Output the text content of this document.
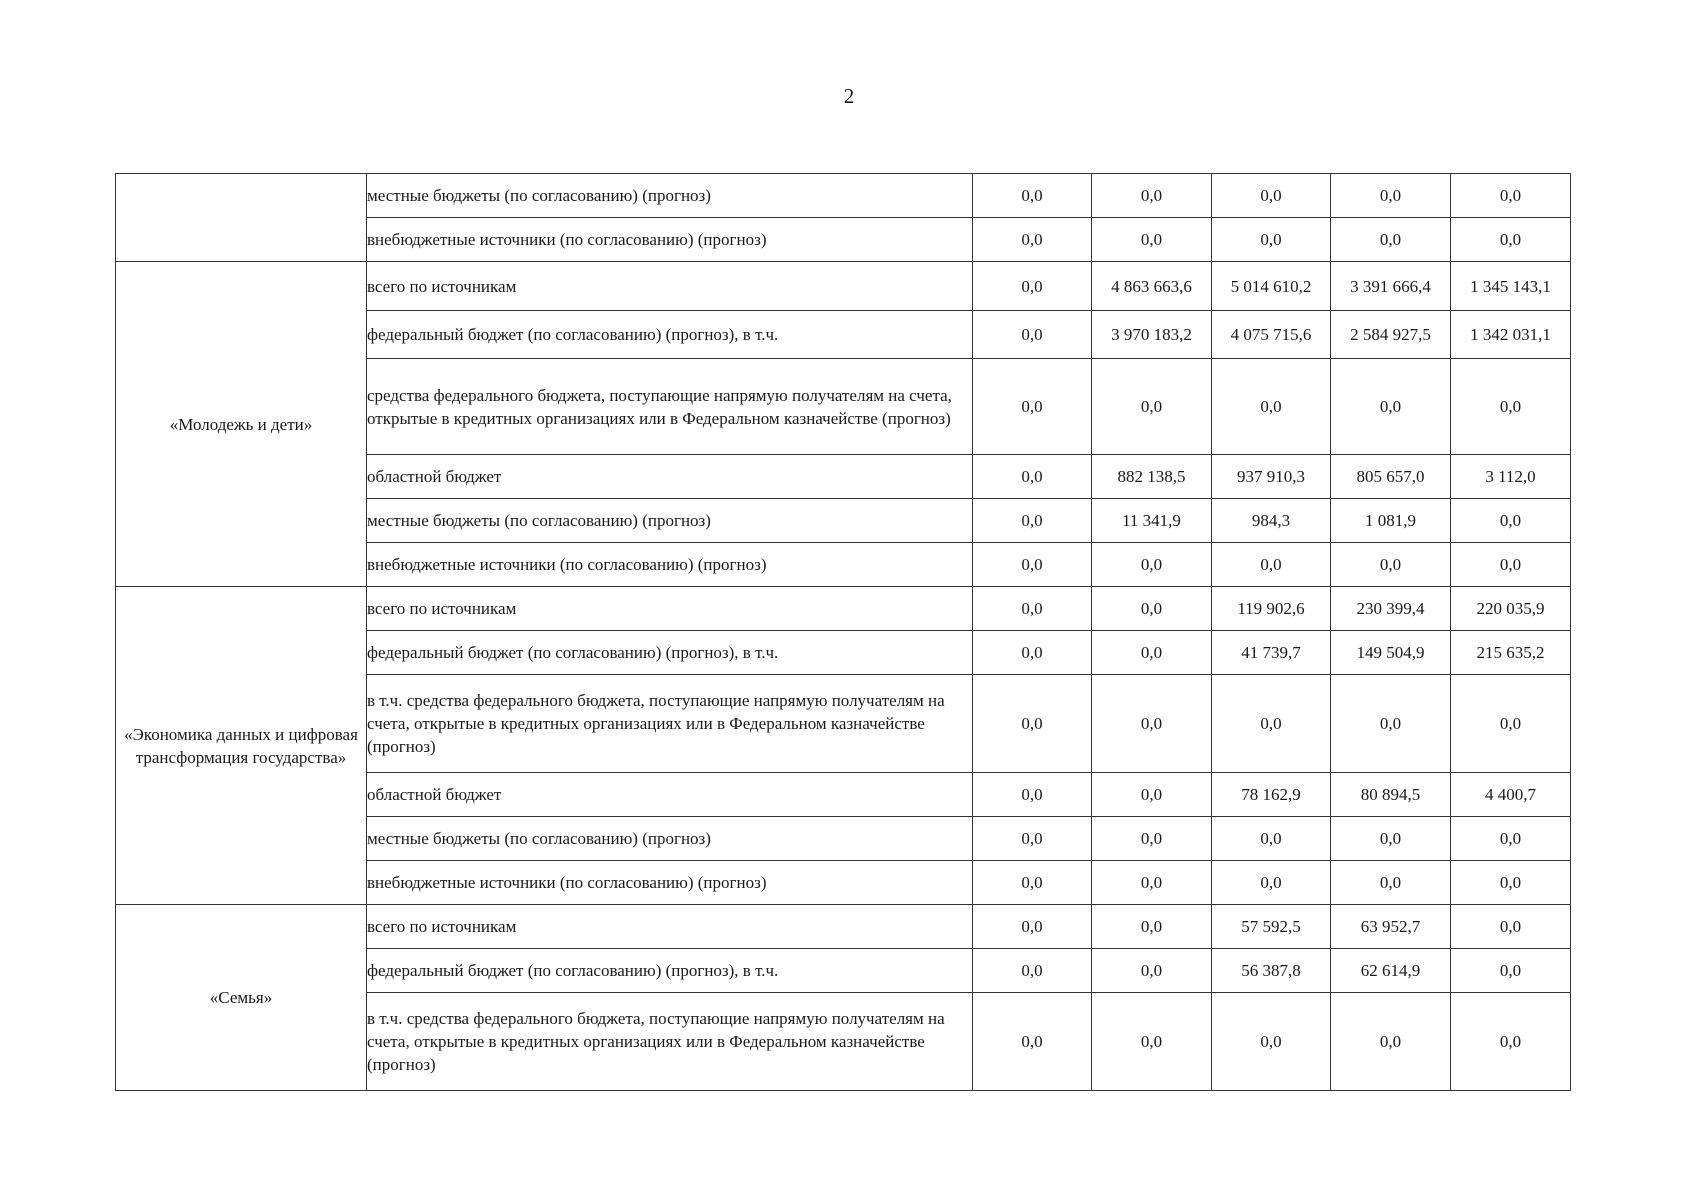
2
	местные бюджеты (по согласованию) (прогноз)	0,0	0,0	0,0	0,0	0,0
	внебюджетные источники (по согласованию) (прогноз)	0,0	0,0	0,0	0,0	0,0
«Молодежь и дети»	всего по источникам	0,0	4 863 663,6	5 014 610,2	3 391 666,4	1 345 143,1
	федеральный бюджет (по согласованию) (прогноз), в т.ч.	0,0	3 970 183,2	4 075 715,6	2 584 927,5	1 342 031,1
	средства федерального бюджета, поступающие напрямую получателям на счета, открытые в кредитных организациях или в Федеральном казначействе (прогноз)	0,0	0,0	0,0	0,0	0,0
	областной бюджет	0,0	882 138,5	937 910,3	805 657,0	3 112,0
	местные бюджеты (по согласованию) (прогноз)	0,0	11 341,9	984,3	1 081,9	0,0
	внебюджетные источники (по согласованию) (прогноз)	0,0	0,0	0,0	0,0	0,0
«Экономика данных и цифровая трансформация государства»	всего по источникам	0,0	0,0	119 902,6	230 399,4	220 035,9
	федеральный бюджет (по согласованию) (прогноз), в т.ч.	0,0	0,0	41 739,7	149 504,9	215 635,2
	в т.ч. средства федерального бюджета, поступающие напрямую получателям на счета, открытые в кредитных организациях или в Федеральном казначействе (прогноз)	0,0	0,0	0,0	0,0	0,0
	областной бюджет	0,0	0,0	78 162,9	80 894,5	4 400,7
	местные бюджеты (по согласованию) (прогноз)	0,0	0,0	0,0	0,0	0,0
	внебюджетные источники (по согласованию) (прогноз)	0,0	0,0	0,0	0,0	0,0
«Семья»	всего по источникам	0,0	0,0	57 592,5	63 952,7	0,0
	федеральный бюджет (по согласованию) (прогноз), в т.ч.	0,0	0,0	56 387,8	62 614,9	0,0
	в т.ч. средства федерального бюджета, поступающие напрямую получателям на счета, открытые в кредитных организациях или в Федеральном казначействе (прогноз)	0,0	0,0	0,0	0,0	0,0
